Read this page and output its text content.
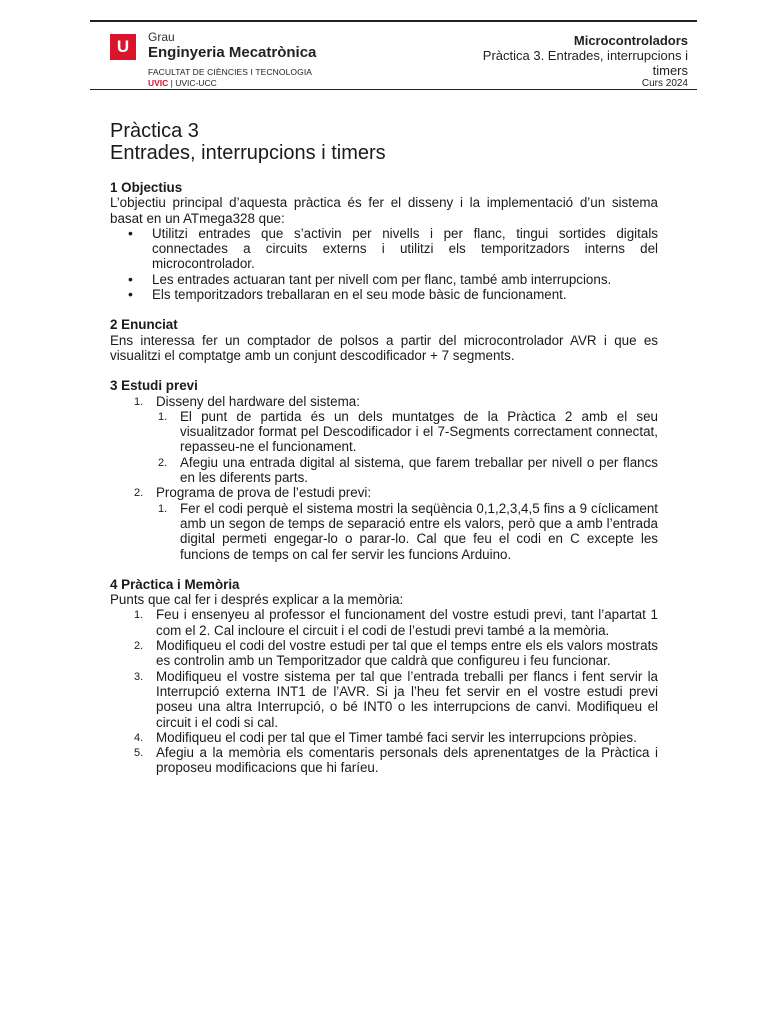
U	Grau
Enginyeria Mecatrònica
FACULTAT DE CIÈNCIES I TECNOLOGIA
UVIC | UVIC-UCC
Microcontroladors
Pràctica 3. Entrades, interrupcions i
timers
Curs 2024
Pràctica 3
Entrades, interrupcions i timers
1 Objectius

L’objectiu principal d’aquesta pràctica és fer el disseny i la implementació d’un sistema basat en un ATmega328 que:

• Utilitzi entrades que s’activin per nivells i per flanc, tingui sortides digitals connectades a circuits externs i utilitzi els temporitzadors interns del microcontrolador.
• Les entrades actuaran tant per nivell com per flanc, també amb interrupcions.
• Els temporitzadors treballaran en el seu mode bàsic de funcionament.
2 Enunciat

Ens interessa fer un comptador de polsos a partir del microcontrolador AVR i que es visualitzi el comptatge amb un conjunt descodificador + 7 segments.

3 Estudi previ
1. Disseny del hardware del sistema:
1. El punt de partida és un dels muntatges de la Pràctica 2 amb el seu visualitzador format pel Descodificador i el 7-Segments correctament connectat, repasseu-ne el funcionament.
2. Afegiu una entrada digital al sistema, que farem treballar per nivell o per flancs en les diferents parts.
2. Programa de prova de l’estudi previ:
1. Fer el codi perquè el sistema mostri la seqüència 0,1,2,3,4,5 fins a 9 cíclicament amb un segon de temps de separació entre els valors, però que a amb l’entrada digital permeti engegar-lo o parar-lo. Cal que feu el codi en C excepte les funcions de temps on cal fer servir les funcions Arduino.
4 Pràctica i Memòria

Punts que cal fer i després explicar a la memòria:

1. Feu i ensenyeu al professor el funcionament del vostre estudi previ, tant l’apartat 1 com el 2. Cal incloure el circuit i el codi de l’estudi previ també a la memòria.
2. Modifiqueu el codi del vostre estudi per tal que el temps entre els els valors mostrats es controlin amb un Temporitzador que caldrà que configureu i feu funcionar.
3. Modifiqueu el vostre sistema per tal que l’entrada treballi per flancs i fent servir la Interrupció externa INT1 de l’AVR. Si ja l’heu fet servir en el vostre estudi previ poseu una altra Interrupció, o bé INT0 o les interrupcions de canvi. Modifiqueu el circuit i el codi si cal.
4. Modifiqueu el codi per tal que el Timer també faci servir les interrupcions pròpies.
5. Afegiu a la memòria els comentaris personals dels aprenentatges de la Pràctica i proposeu modificacions que hi faríeu.
